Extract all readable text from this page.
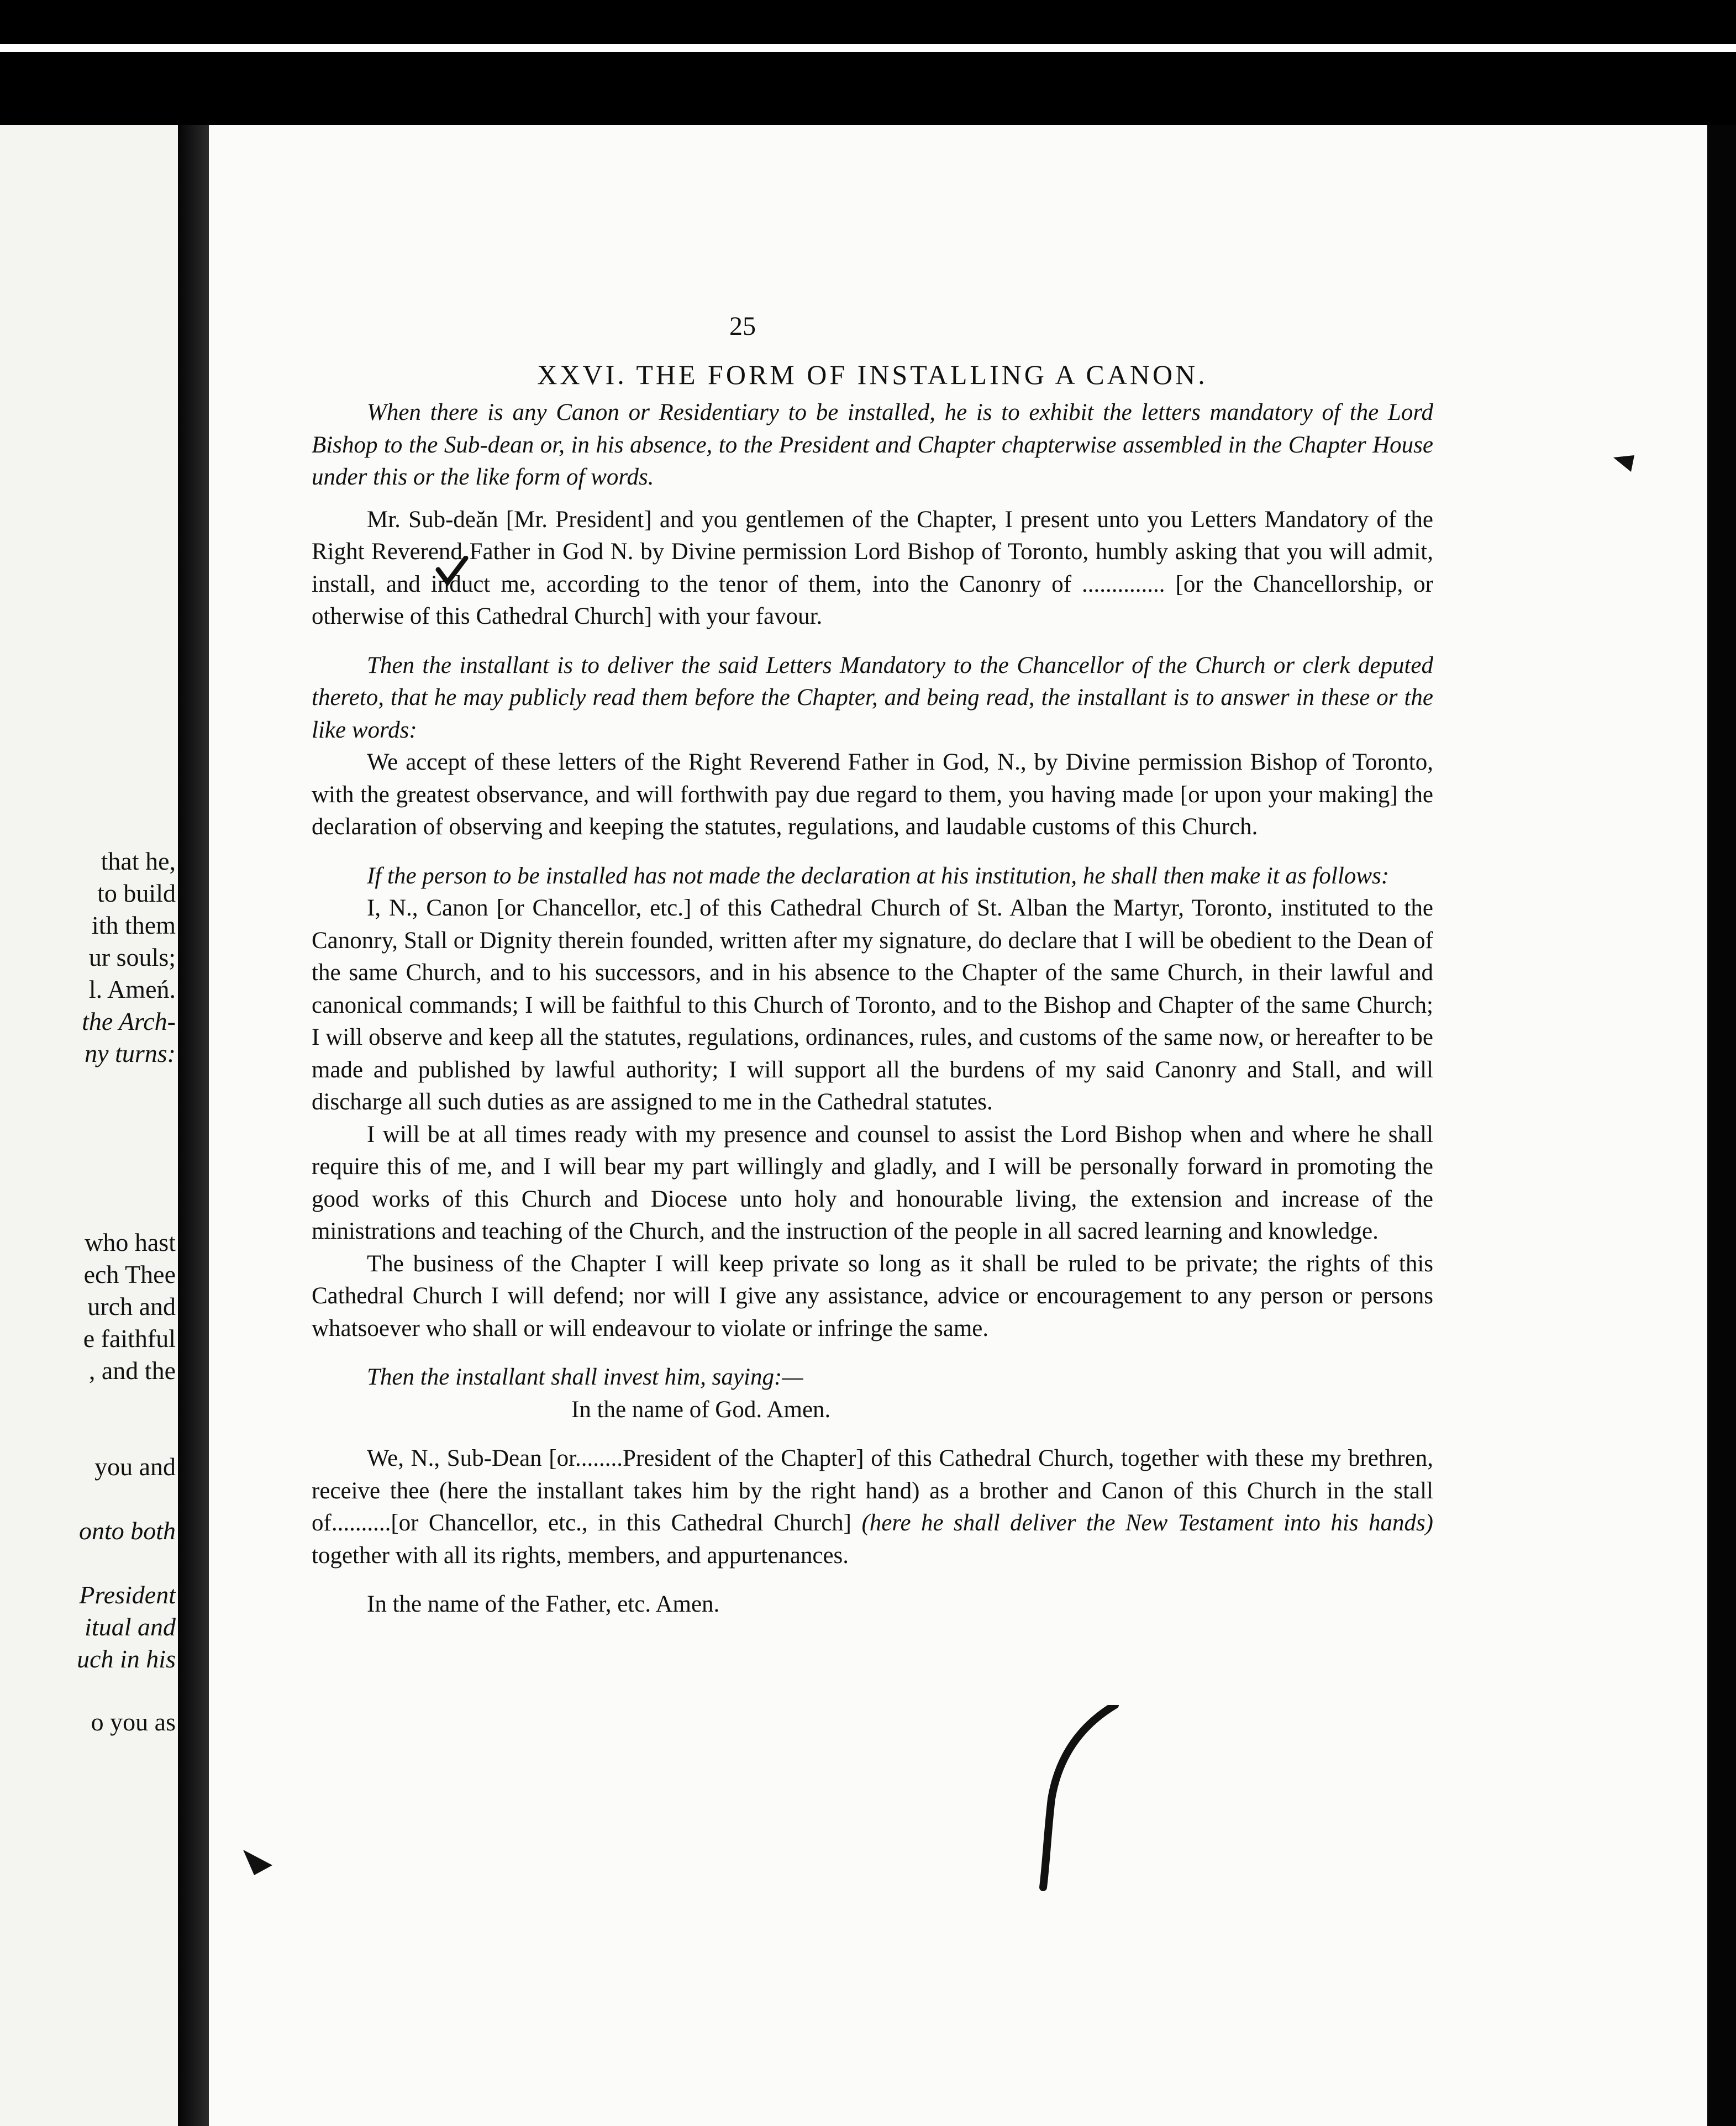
that he,
to build
ith them
ur souls;
l. Ameń.
the Arch-
ny turns:
who hast
ech Thee
urch and
e faithful
, and the
you and
onto both
President
itual and
uch in his
o you as
25
XXVI. THE FORM OF INSTALLING A CANON.

When there is any Canon or Residentiary to be installed, he is to exhibit the letters mandatory of the Lord Bishop to the Sub-dean or, in his absence, to the President and Chapter chapterwise assembled in the Chapter House under this or the like form of words.

Mr. Sub-deăn [Mr. President] and you gentlemen of the Chapter, I present unto you Letters Mandatory of the Right Reverend Father in God N. by Divine permission Lord Bishop of Toronto, humbly asking that you will admit, install, and induct me, according to the tenor of them, into the Canonry of .............. [or the Chancellorship, or otherwise of this Cathedral Church] with your favour.

Then the installant is to deliver the said Letters Mandatory to the Chancellor of the Church or clerk deputed thereto, that he may publicly read them before the Chapter, and being read, the installant is to answer in these or the like words:

We accept of these letters of the Right Reverend Father in God, N., by Divine permission Bishop of Toronto, with the greatest observance, and will forthwith pay due regard to them, you having made [or upon your making] the declaration of observing and keeping the statutes, regulations, and laudable customs of this Church.

If the person to be installed has not made the declaration at his institution, he shall then make it as follows:

I, N., Canon [or Chancellor, etc.] of this Cathedral Church of St. Alban the Martyr, Toronto, instituted to the Canonry, Stall or Dignity therein founded, written after my signature, do declare that I will be obedient to the Dean of the same Church, and to his successors, and in his absence to the Chapter of the same Church, in their lawful and canonical commands; I will be faithful to this Church of Toronto, and to the Bishop and Chapter of the same Church; I will observe and keep all the statutes, regulations, ordinances, rules, and customs of the same now, or hereafter to be made and published by lawful authority; I will support all the burdens of my said Canonry and Stall, and will discharge all such duties as are assigned to me in the Cathedral statutes.

I will be at all times ready with my presence and counsel to assist the Lord Bishop when and where he shall require this of me, and I will bear my part willingly and gladly, and I will be personally forward in promoting the good works of this Church and Diocese unto holy and honourable living, the extension and increase of the ministrations and teaching of the Church, and the instruction of the people in all sacred learning and knowledge.

The business of the Chapter I will keep private so long as it shall be ruled to be private; the rights of this Cathedral Church I will defend; nor will I give any assistance, advice or encouragement to any person or persons whatsoever who shall or will endeavour to violate or infringe the same.

Then the installant shall invest him, saying:—

In the name of God. Amen.

We, N., Sub-Dean [or........President of the Chapter] of this Cathedral Church, together with these my brethren, receive thee (here the installant takes him by the right hand) as a brother and Canon of this Church in the stall of..........[or Chancellor, etc., in this Cathedral Church] (here he shall deliver the New Testament into his hands) together with all its rights, members, and appurtenances.

In the name of the Father, etc. Amen.
